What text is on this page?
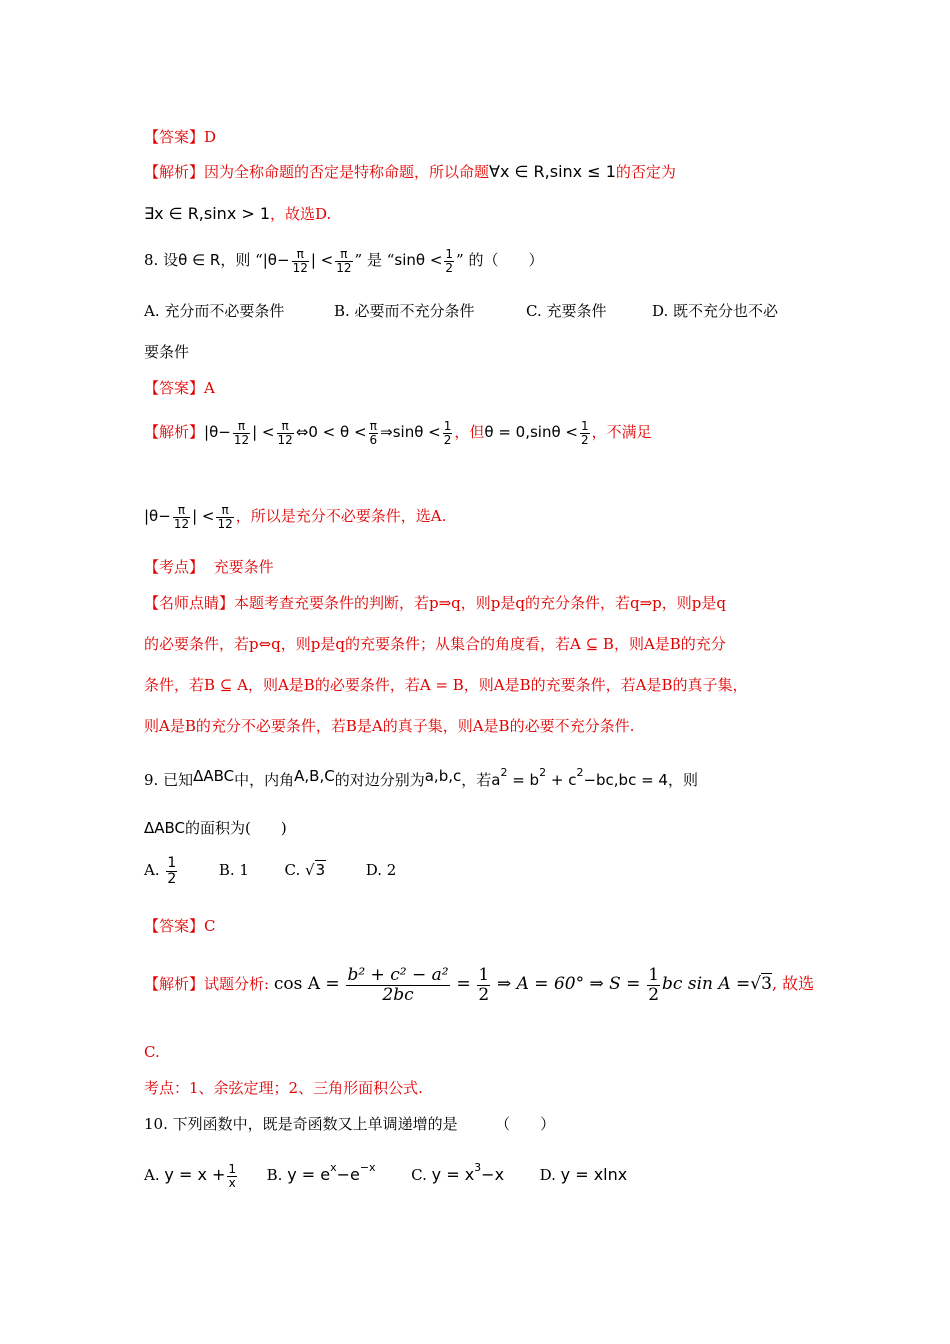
【答案】D
【解析】因为全称命题的否定是特称命题，所以命题∀x ∈ R,sinx ≤ 1的否定为
∃x ∈ R,sinx > 1，故选D.
8. 设θ ∈ R，则 “$|\theta- \frac{\pi}{12}$ | < $\frac{\pi}{12}$ ” 是 “$\sin\theta < \frac{1}{2}$ ” 的（　　）
A. 充分而不必要条件	B. 必要而不充分条件	C. 充要条件	D. 既不充分也不必
要条件
【答案】A
【解析】$|\theta- \frac{\pi}{12}$ | < $\frac{\pi}{12}$ ⇔0 < $\theta < \frac{\pi}{6}$ ⇒sinθ < $\frac{1}{2}$ ，但$\theta = 0,\sin\theta < \frac{1}{2}$ ，不满足
$|\theta- \frac{\pi}{12}$ | < $\frac{\pi}{12}$ ，所以是充分不必要条件，选A.
【考点】 充要条件
【名师点睛】本题考查充要条件的判断，若p⇒q，则p是q的充分条件，若q⇒p，则p是q
的必要条件，若p⇔q，则p是q的充要条件；从集合的角度看，若A ⊆ B，则A是B的充分
条件，若B ⊆ A，则A是B的必要条件，若A = B，则A是B的充要条件，若A是B的真子集，
则A是B的充分不必要条件，若B是A的真子集，则A是B的必要不充分条件.
9. 已知ΔABC中，内角A,B,C的对边分别为a,b,c，若$a^2 = b^2 + c^2-bc,bc = 4$，则
ΔABC的面积为(　　)
A. $\frac{1}{2}$	B. 1 C. √3	D. 2
【答案】C
【解析】试题分析: $\cos A = \frac{\text{b² + c² − a²}}{2bc} = \frac{1}{2}$ ⇒ A = 60° ⇒ $S = \frac{1}{2}$ bc sin A =√3, 故选
C.
考点：1、余弦定理；2、三角形面积公式.
10. 下列函数中，既是奇函数又上单调递增的是　　　（　　）
A. $y = x + \frac{1}{x} B$. $y = e^x-e^{-x}$ C. $y = x^3-x$ D. y = xlnx
